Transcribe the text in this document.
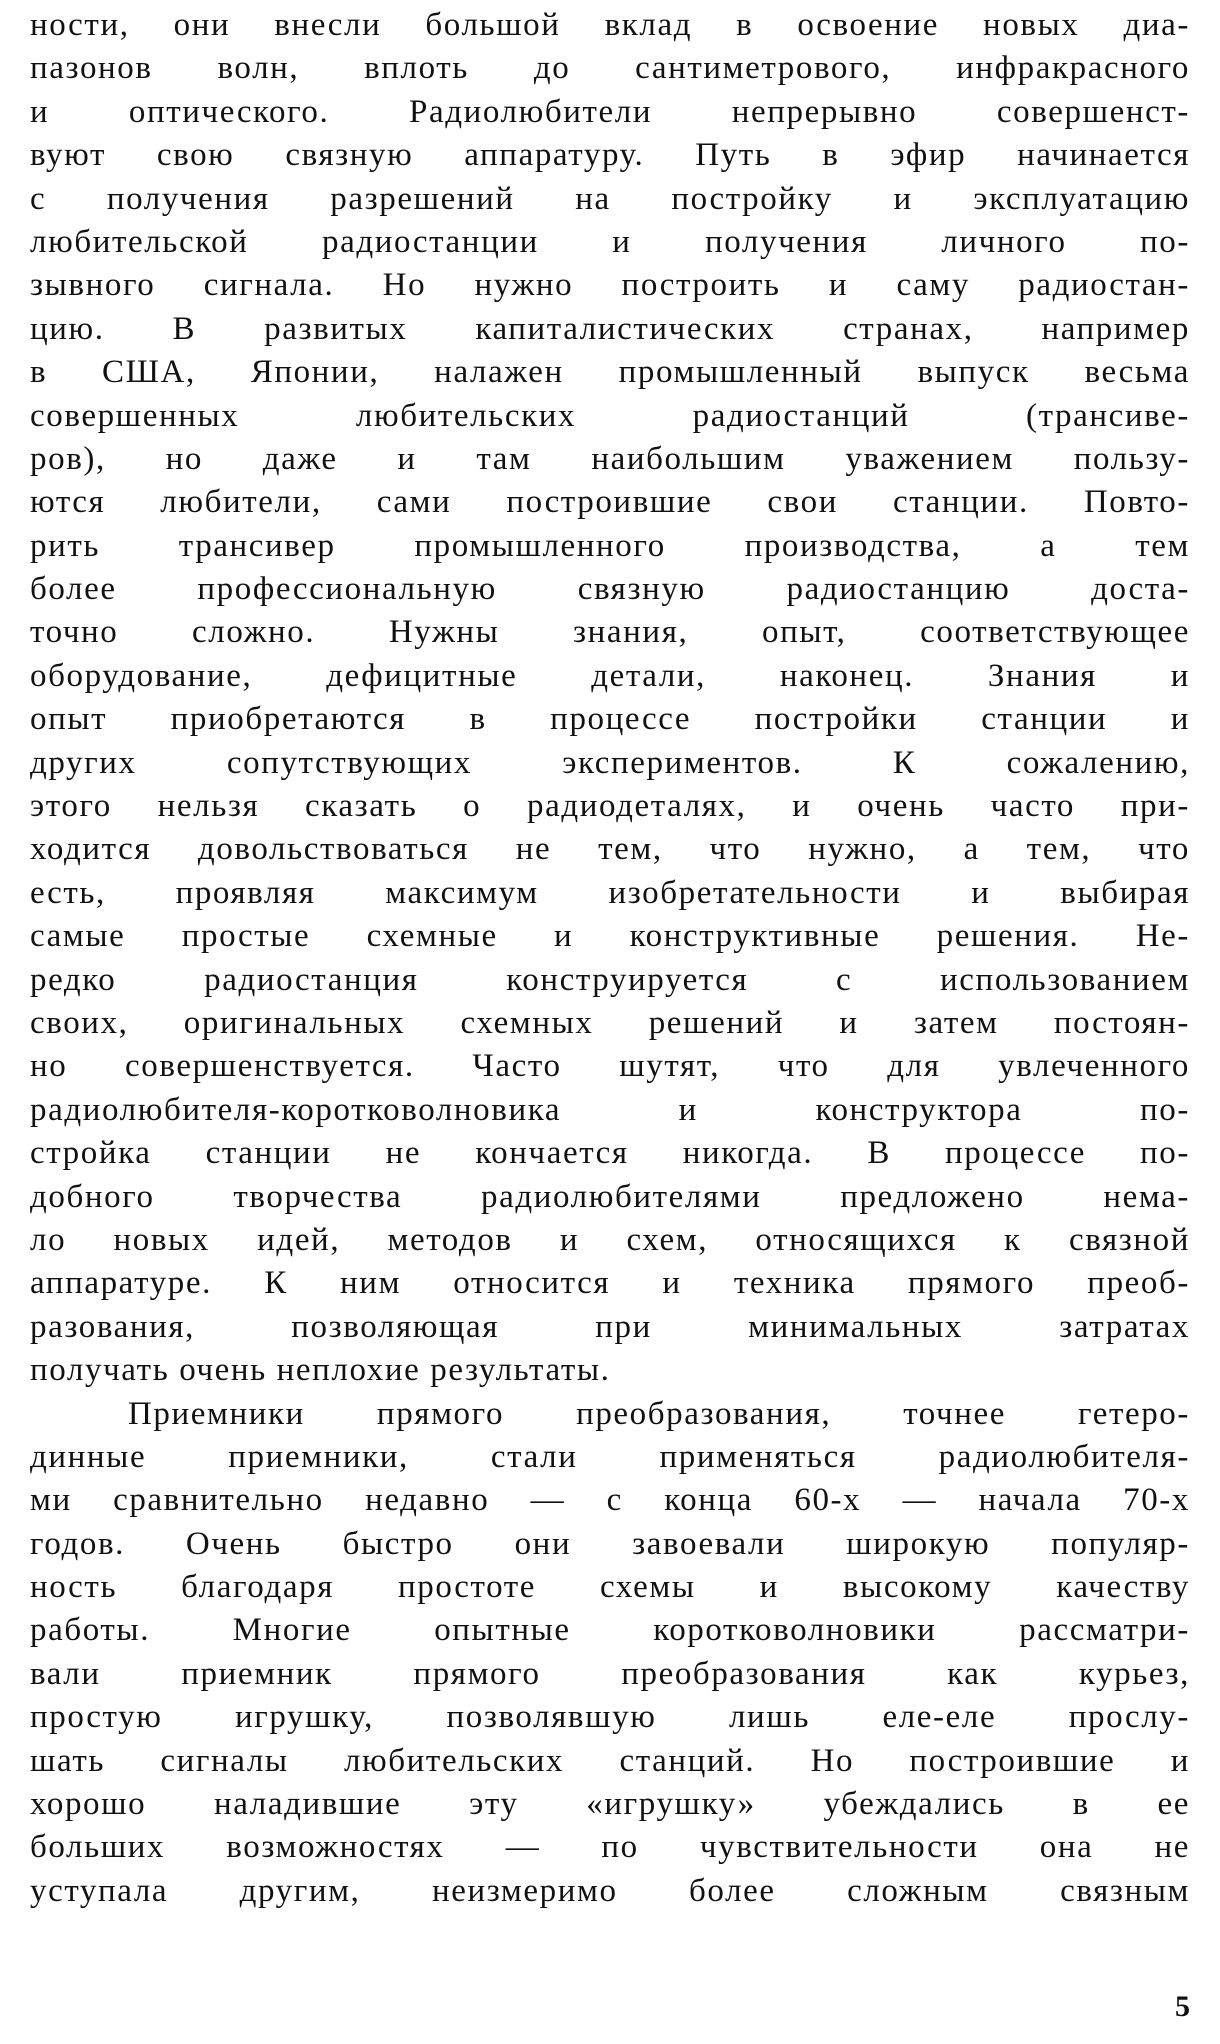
ности, они внесли большой вклад в освоение новых диа-
пазонов волн, вплоть до сантиметрового, инфракрасного
и оптического. Радиолюбители непрерывно совершенст-
вуют свою связную аппаратуру. Путь в эфир начинается
с получения разрешений на постройку и эксплуатацию
любительской радиостанции и получения личного по-
зывного сигнала. Но нужно построить и саму радиостан-
цию. В развитых капиталистических странах, например
в США, Японии, налажен промышленный выпуск весьма
совершенных любительских радиостанций (трансиве-
ров), но даже и там наибольшим уважением пользу-
ются любители, сами построившие свои станции. Повто-
рить трансивер промышленного производства, а тем
более профессиональную связную радиостанцию доста-
точно сложно. Нужны знания, опыт, соответствующее
оборудование, дефицитные детали, наконец. Знания и
опыт приобретаются в процессе постройки станции и
других сопутствующих экспериментов. К сожалению,
этого нельзя сказать о радиодеталях, и очень часто при-
ходится довольствоваться не тем, что нужно, а тем, что
есть, проявляя максимум изобретательности и выбирая
самые простые схемные и конструктивные решения. Не-
редко радиостанция конструируется с использованием
своих, оригинальных схемных решений и затем постоян-
но совершенствуется. Часто шутят, что для увлеченного
радиолюбителя-коротковолновика и конструктора по-
стройка станции не кончается никогда. В процессе по-
добного творчества радиолюбителями предложено нема-
ло новых идей, методов и схем, относящихся к связной
аппаратуре. К ним относится и техника прямого преоб-
разования, позволяющая при минимальных затратах
получать очень неплохие результаты.
Приемники прямого преобразования, точнее гетеро-
динные приемники, стали применяться радиолюбителя-
ми сравнительно недавно — с конца 60-х — начала 70-х
годов. Очень быстро они завоевали широкую популяр-
ность благодаря простоте схемы и высокому качеству
работы. Многие опытные коротковолновики рассматри-
вали приемник прямого преобразования как курьез,
простую игрушку, позволявшую лишь еле-еле прослу-
шать сигналы любительских станций. Но построившие и
хорошо наладившие эту «игрушку» убеждались в ее
больших возможностях — по чувствительности она не
уступала другим, неизмеримо более сложным связным
5
